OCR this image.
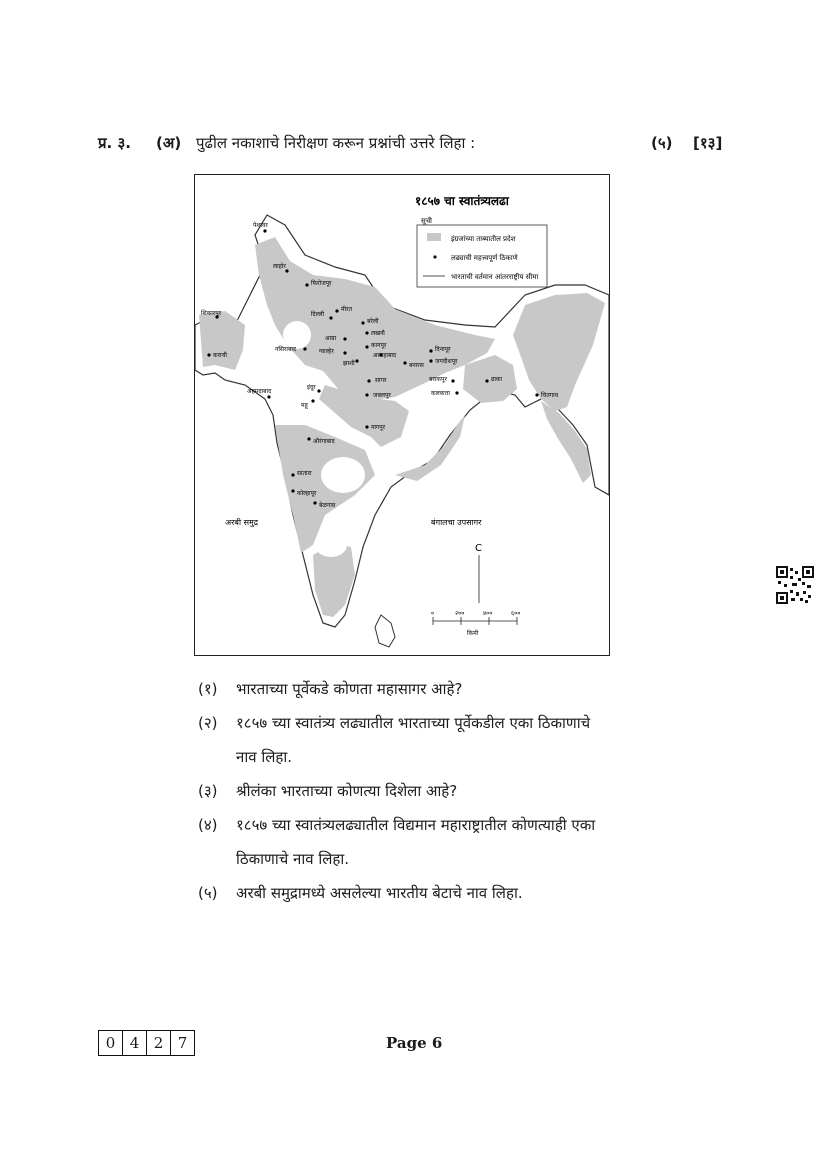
प्र. ३. (अ) पुढील नकाशाचे निरीक्षण करून प्रश्नांची उत्तरे लिहा :	(५) [१३]
१८५७ चा स्वातंत्र्यलढा
सूची
इंग्रजांच्या ताब्यातील प्रदेश
लढ्याची महत्त्वपूर्ण ठिकाणे
भारताची वर्तमान आंतरराष्ट्रीय सीमा
अरबी समुद्र	बंगालचा उपसागर
C
०	२००	४००	६००
किमी
पेशावर
लाहोर
फिरोजपूर
मीरत
दिल्ली
बरेली
लखनौ
आग्रा
कानपूर
अलाहाबाद
बनारस
दिनापूर
झाशी
ग्वाल्हेर
इंदूर
महू
सागर
जबलपूर
नागपूर
औरंगाबाद
सातारा
कोल्हापूर
बेळगाव
अहमदाबाद
नसिराबाद
शिकारपूर
कराची
ढाका
बराकपूर
कलकत्ता	चितगाव
जगदीशपूर
(१)	भारताच्या पूर्वेकडे कोणता महासागर आहे?
(२)	१८५७ च्या स्वातंत्र्य लढ्यातील भारताच्या पूर्वेकडील एका ठिकाणाचे
नाव लिहा.
(३)	श्रीलंका भारताच्या कोणत्या दिशेला आहे?
(४)	१८५७ च्या स्वातंत्र्यलढ्यातील विद्यमान महाराष्ट्रातील कोणत्याही एका
ठिकाणाचे नाव लिहा.
(५)	अरबी समुद्रामध्ये असलेल्या भारतीय बेटाचे नाव लिहा.
0 4 2 7	Page 6
